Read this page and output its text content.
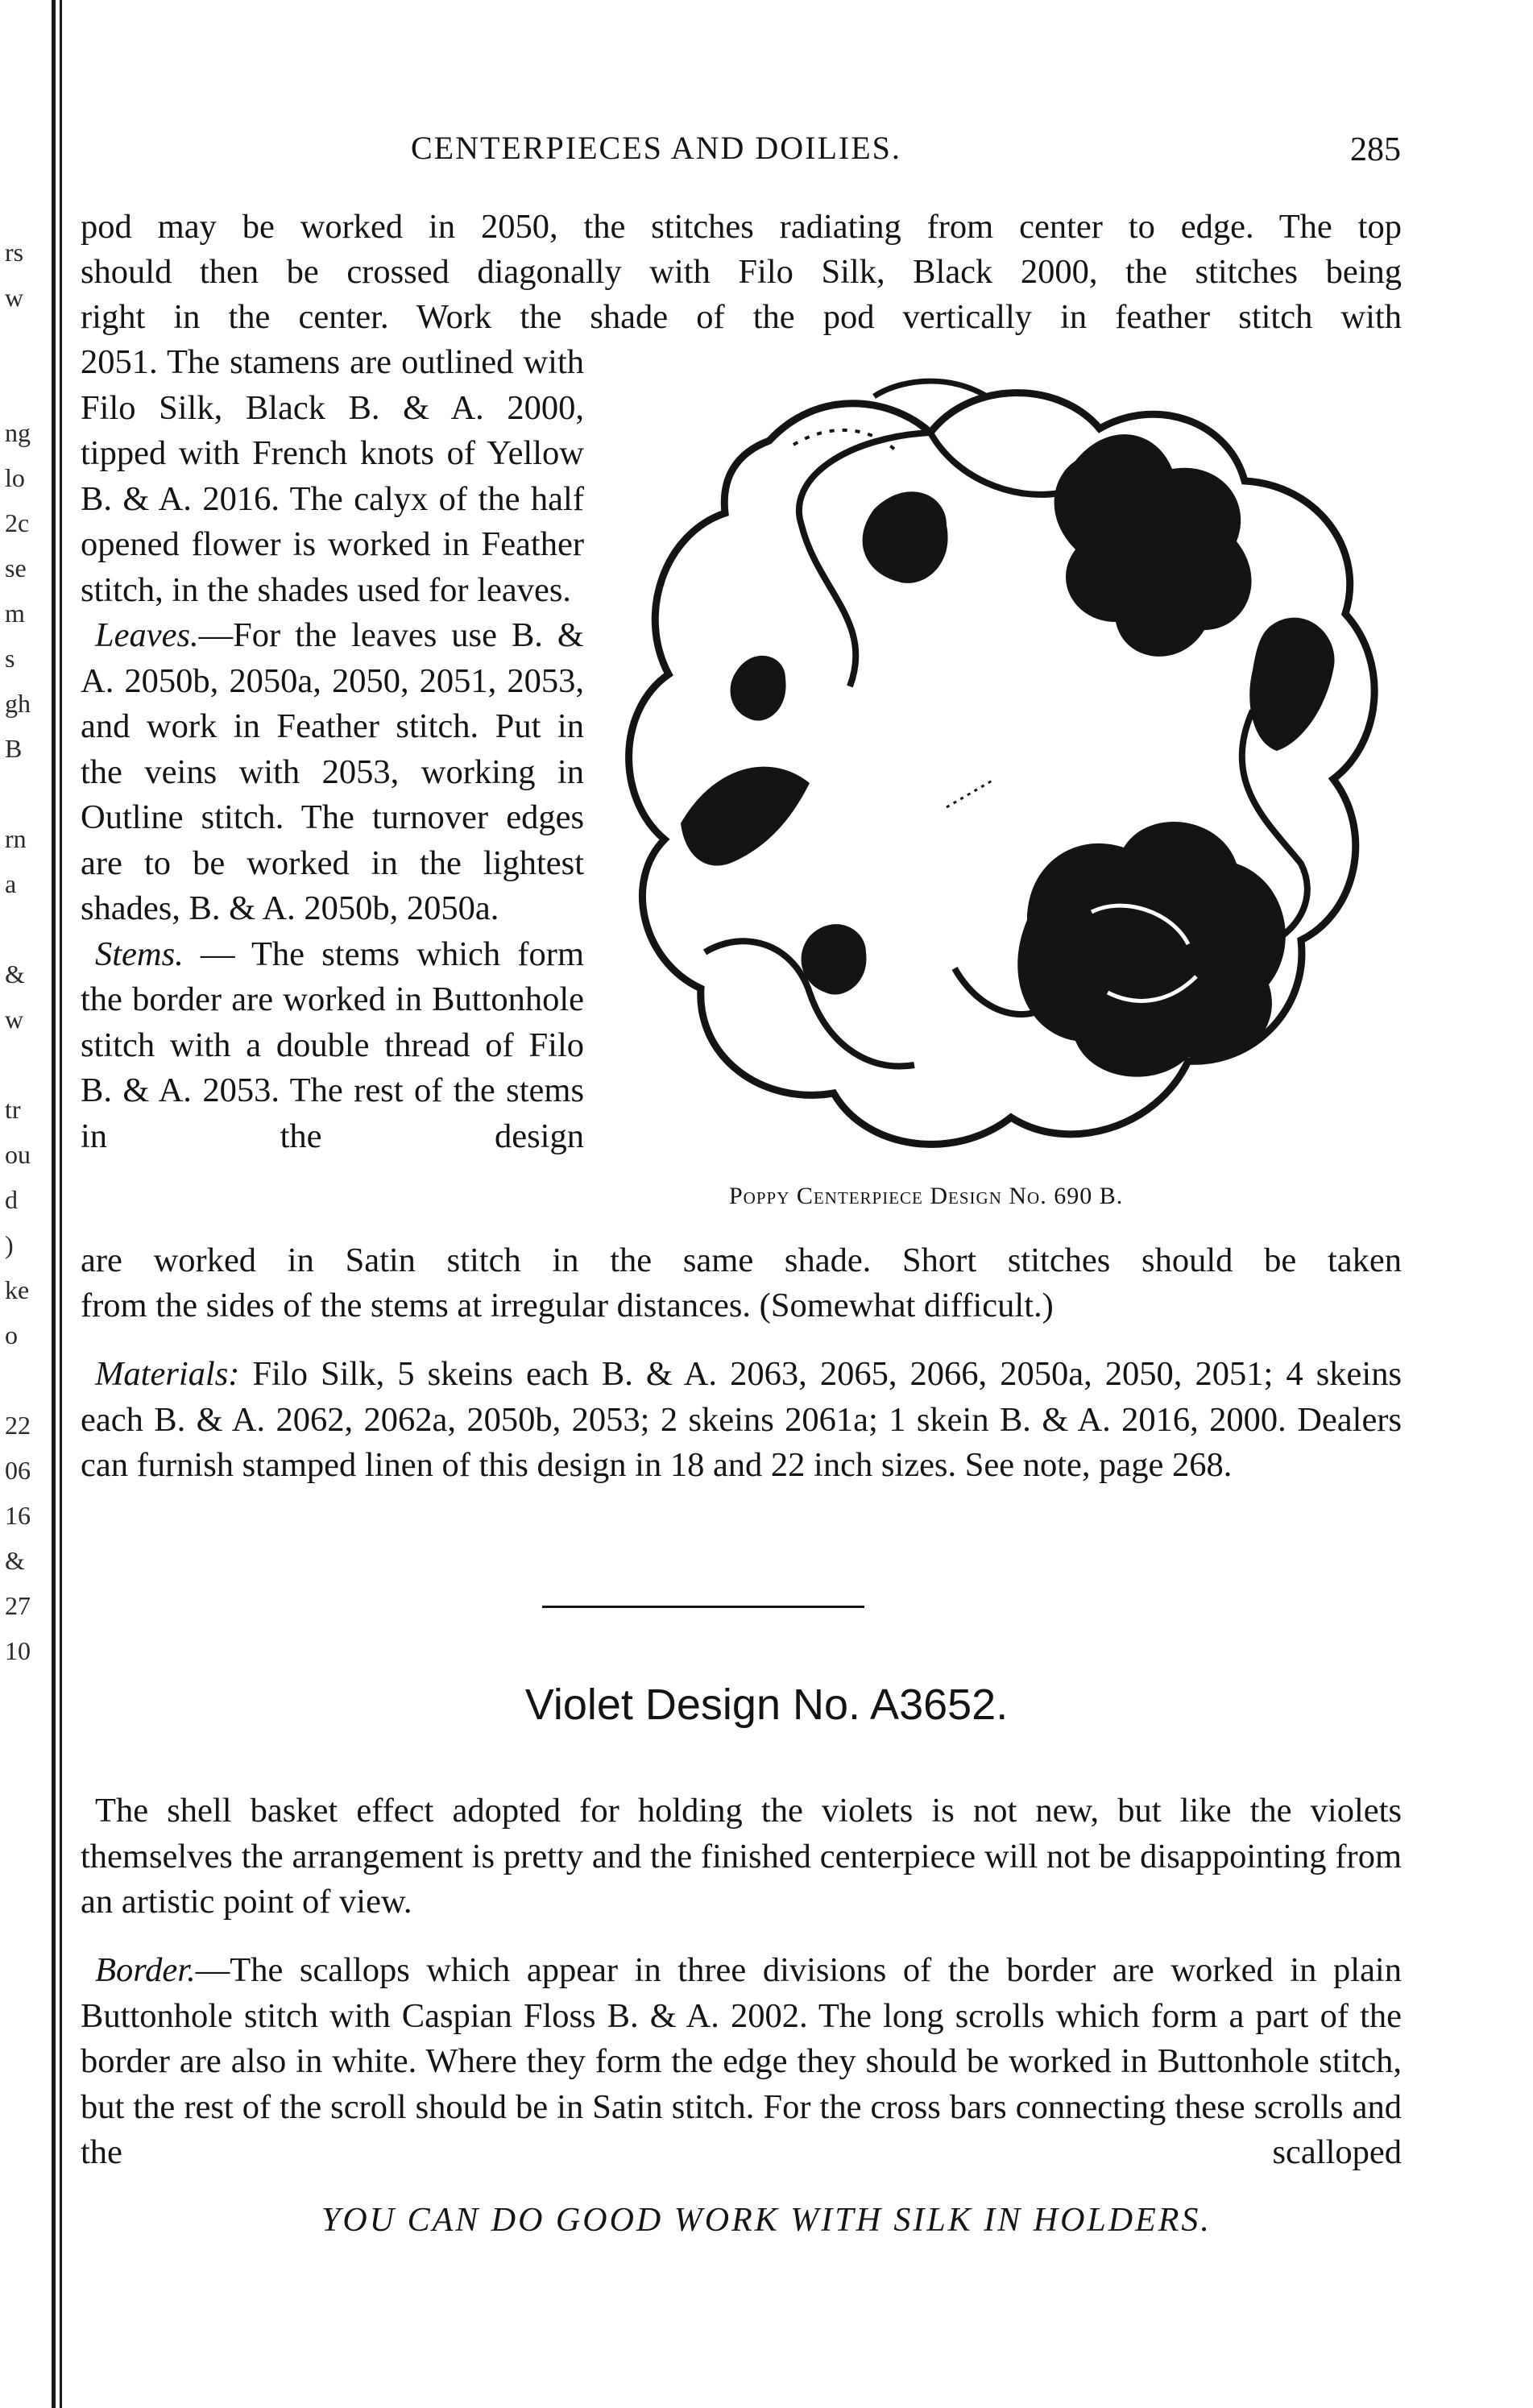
rs
w
ng
lo
2c
se
m
s
gh
B
rn
a
&
w
tr
ou
d
)
ke
o
22
06
16
&
27
10
CENTERPIECES AND DOILIES.	285
pod may be worked in 2050, the stitches radiating from center to edge. The top
should then be crossed diagonally with Filo Silk, Black 2000, the stitches being
right in the center. Work the shade of the pod vertically in feather stitch with

2051. The stamens are outlined with Filo Silk, Black B. & A. 2000, tipped with French knots of Yellow B. & A. 2016. The calyx of the half opened flower is worked in Feather stitch, in the shades used for leaves.

Leaves.—For the leaves use B. & A. 2050b, 2050a, 2050, 2051, 2053, and work in Feather stitch. Put in the veins with 2053, working in Outline stitch. The turnover edges are to be worked in the lightest shades, B. & A. 2050b, 2050a.

Stems. — The stems which form the border are worked in Buttonhole stitch with a double thread of Filo B. & A. 2053. The rest of the stems in the design

are worked in Satin stitch in the same shade. Short stitches should be taken
from the sides of the stems at irregular distances. (Somewhat difficult.)

Materials: Filo Silk, 5 skeins each B. & A. 2063, 2065, 2066, 2050a, 2050, 2051; 4 skeins each B. & A. 2062, 2062a, 2050b, 2053; 2 skeins 2061a; 1 skein B. & A. 2016, 2000. Dealers can furnish stamped linen of this design in 18 and 22 inch sizes. See note, page 268.

Poppy Centerpiece Design No. 690 B.
Violet Design No. A3652.

The shell basket effect adopted for holding the violets is not new, but like the violets themselves the arrangement is pretty and the finished centerpiece will not be disappointing from an artistic point of view.

Border.—The scallops which appear in three divisions of the border are worked in plain Buttonhole stitch with Caspian Floss B. & A. 2002. The long scrolls which form a part of the border are also in white. Where they form the edge they should be worked in Buttonhole stitch, but the rest of the scroll should be in Satin stitch. For the cross bars connecting these scrolls and the scalloped

YOU CAN DO GOOD WORK WITH SILK IN HOLDERS.
